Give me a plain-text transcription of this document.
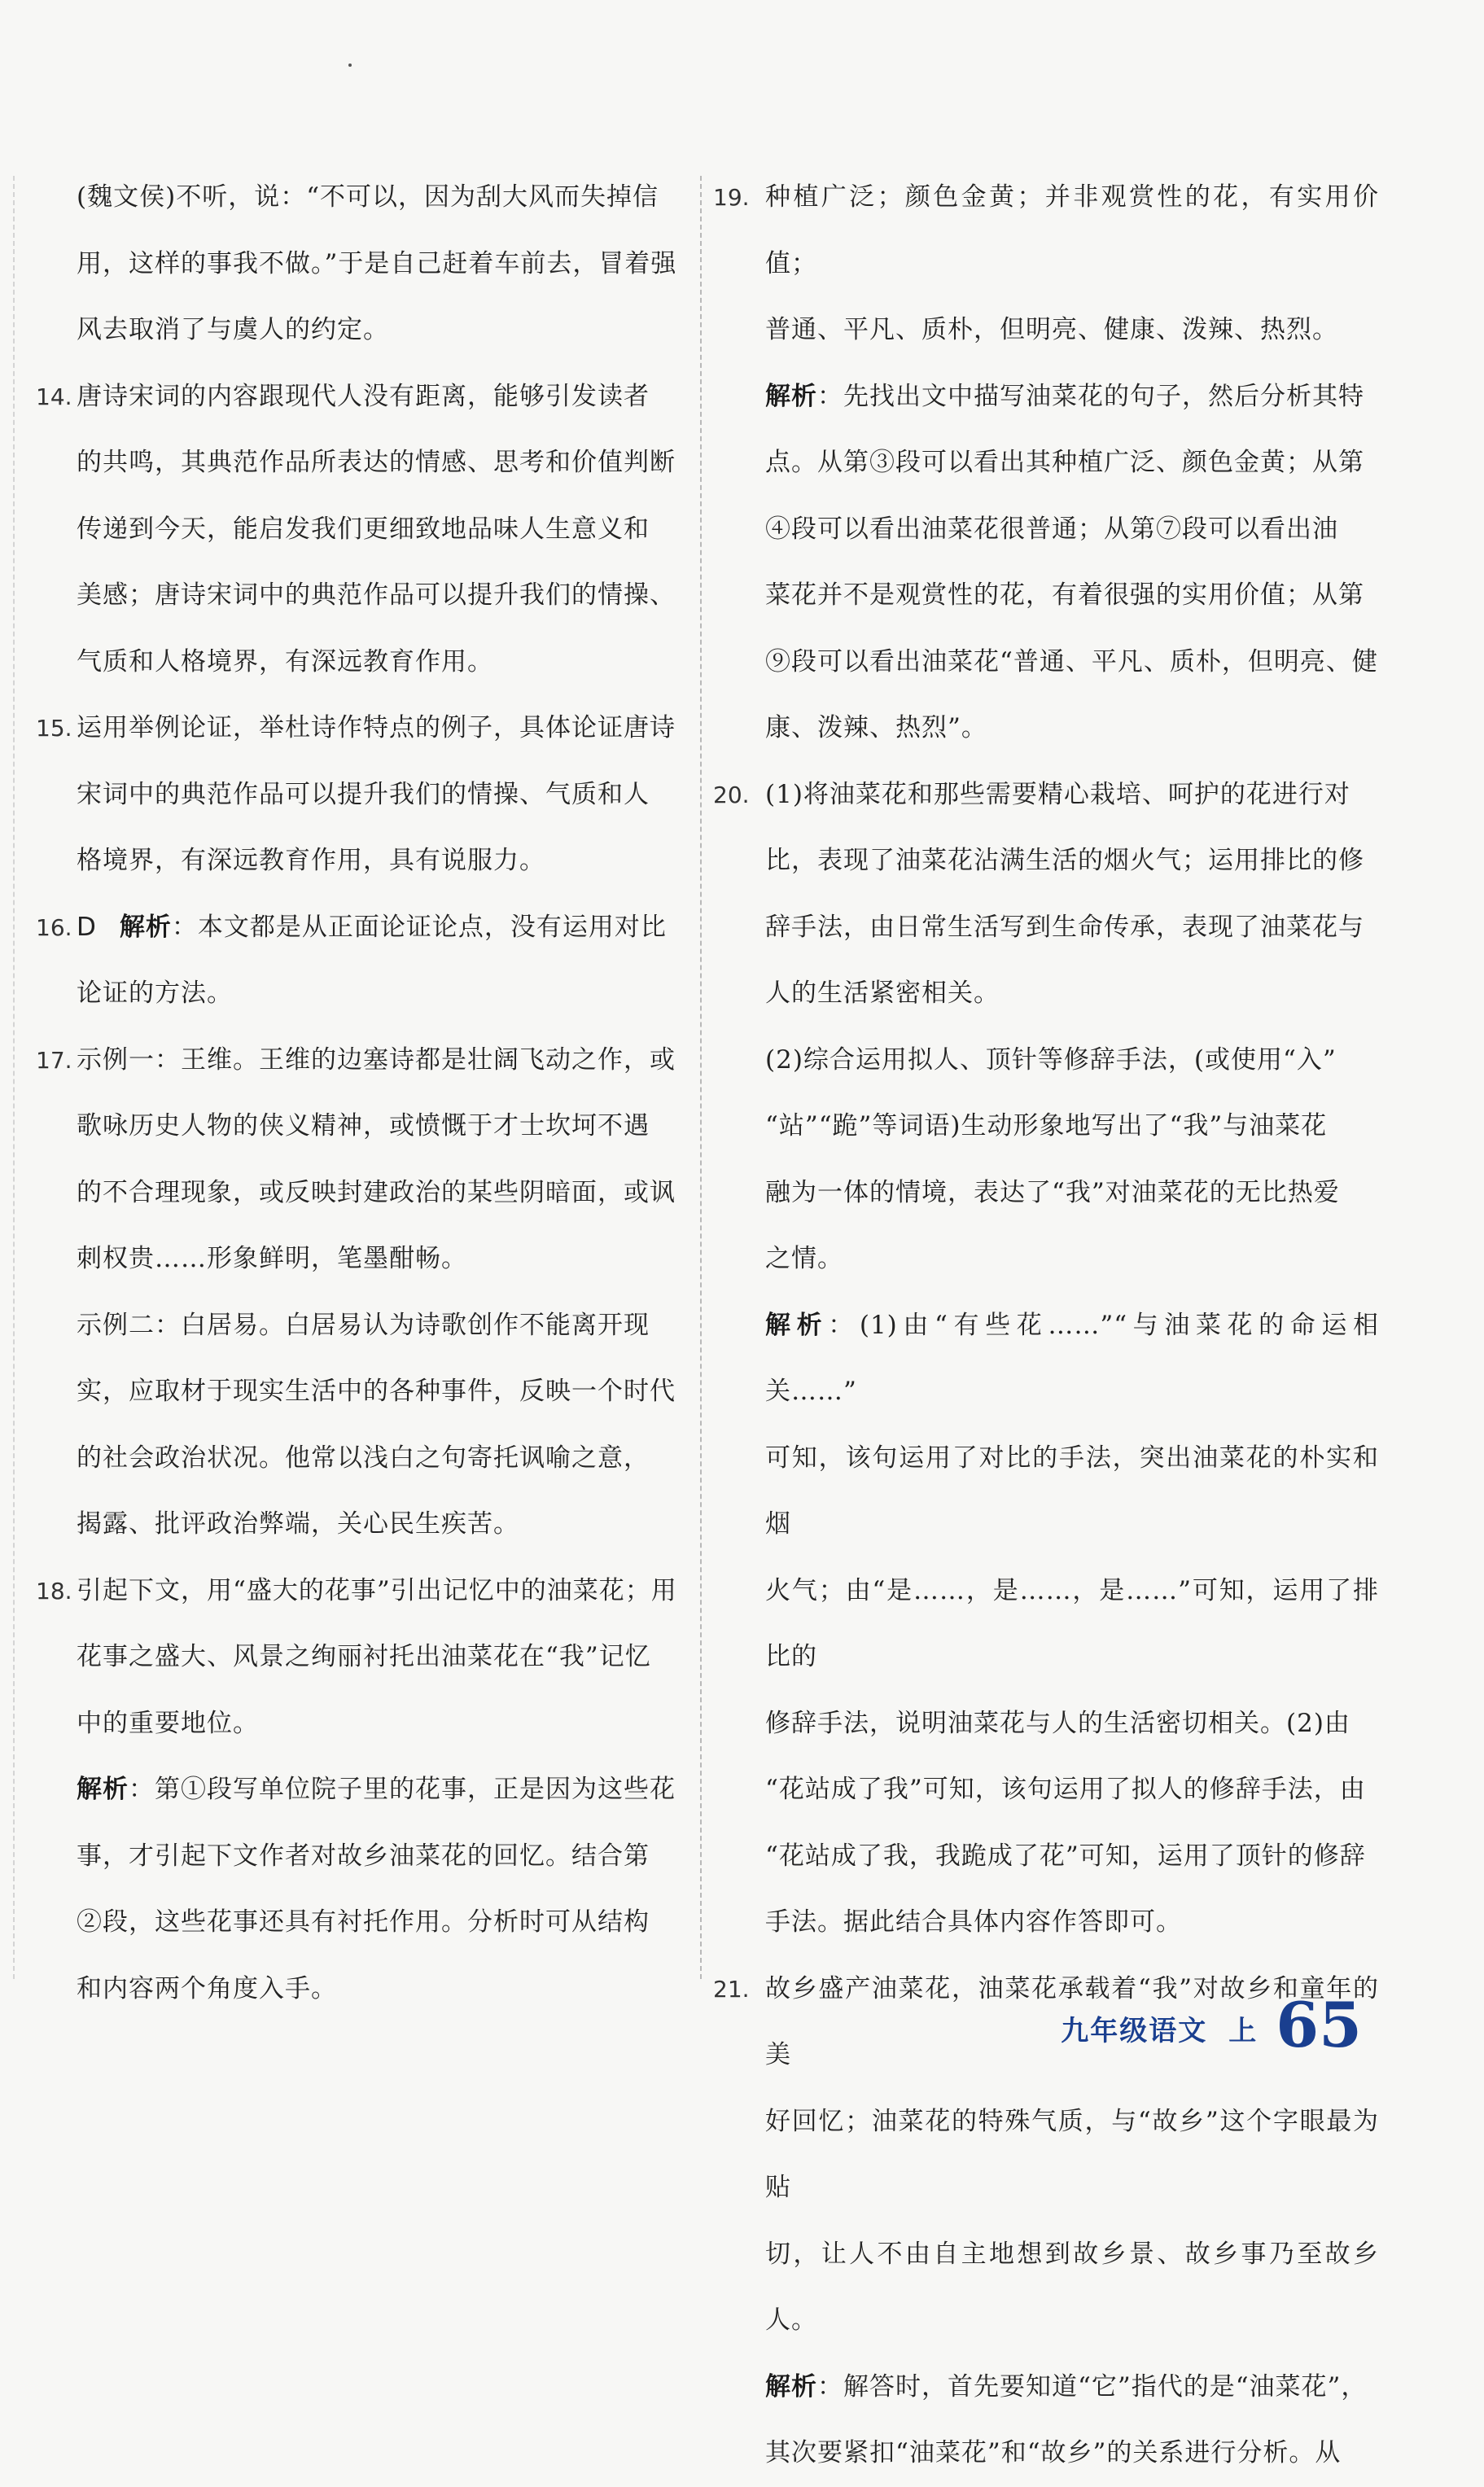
(魏文侯)不听，说：“不可以，因为刮大风而失掉信

用，这样的事我不做。”于是自己赶着车前去，冒着强

风去取消了与虞人的约定。

14. 唐诗宋词的内容跟现代人没有距离，能够引发读者

的共鸣，其典范作品所表达的情感、思考和价值判断

传递到今天，能启发我们更细致地品味人生意义和

美感；唐诗宋词中的典范作品可以提升我们的情操、

气质和人格境界，有深远教育作用。

15. 运用举例论证，举杜诗作特点的例子，具体论证唐诗

宋词中的典范作品可以提升我们的情操、气质和人

格境界，有深远教育作用，具有说服力。

16. D 解析：本文都是从正面论证论点，没有运用对比

论证的方法。

17. 示例一：王维。王维的边塞诗都是壮阔飞动之作，或

歌咏历史人物的侠义精神，或愤慨于才士坎坷不遇

的不合理现象，或反映封建政治的某些阴暗面，或讽

刺权贵……形象鲜明，笔墨酣畅。

示例二：白居易。白居易认为诗歌创作不能离开现

实，应取材于现实生活中的各种事件，反映一个时代

的社会政治状况。他常以浅白之句寄托讽喻之意，

揭露、批评政治弊端，关心民生疾苦。

18. 引起下文，用“盛大的花事”引出记忆中的油菜花；用

花事之盛大、风景之绚丽衬托出油菜花在“我”记忆

中的重要地位。

解析：第①段写单位院子里的花事，正是因为这些花

事，才引起下文作者对故乡油菜花的回忆。结合第

②段，这些花事还具有衬托作用。分析时可从结构

和内容两个角度入手。

19. 种植广泛；颜色金黄；并非观赏性的花，有实用价值；

普通、平凡、质朴，但明亮、健康、泼辣、热烈。

解析：先找出文中描写油菜花的句子，然后分析其特

点。从第③段可以看出其种植广泛、颜色金黄；从第

④段可以看出油菜花很普通；从第⑦段可以看出油

菜花并不是观赏性的花，有着很强的实用价值；从第

⑨段可以看出油菜花“普通、平凡、质朴，但明亮、健

康、泼辣、热烈”。

20. (1)将油菜花和那些需要精心栽培、呵护的花进行对

比，表现了油菜花沾满生活的烟火气；运用排比的修

辞手法，由日常生活写到生命传承，表现了油菜花与

人的生活紧密相关。

(2)综合运用拟人、顶针等修辞手法，(或使用“入”

“站”“跪”等词语)生动形象地写出了“我”与油菜花

融为一体的情境，表达了“我”对油菜花的无比热爱

之情。

解析：(1)由“有些花……”“与油菜花的命运相关……”

可知，该句运用了对比的手法，突出油菜花的朴实和烟

火气；由“是……，是……，是……”可知，运用了排比的

修辞手法，说明油菜花与人的生活密切相关。(2)由

“花站成了我”可知，该句运用了拟人的修辞手法，由

“花站成了我，我跪成了花”可知，运用了顶针的修辞

手法。据此结合具体内容作答即可。

21. 故乡盛产油菜花，油菜花承载着“我”对故乡和童年的美

好回忆；油菜花的特殊气质，与“故乡”这个字眼最为贴

切，让人不由自主地想到故乡景、故乡事乃至故乡人。

解析：解答时，首先要知道“它”指代的是“油菜花”，

其次要紧扣“油菜花”和“故乡”的关系进行分析。从

九年级语文 上 65
